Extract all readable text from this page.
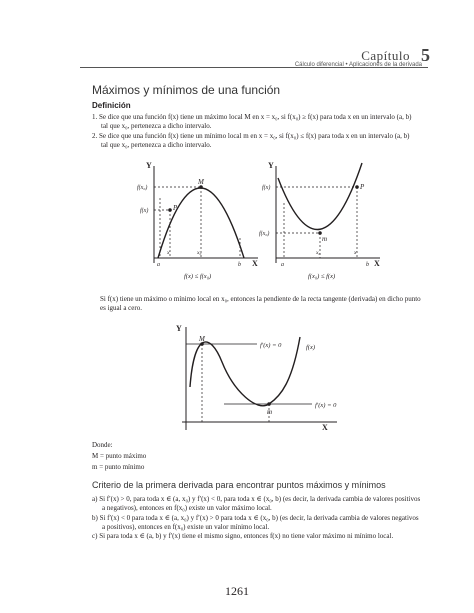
Capítulo 5
Cálculo diferencial • Aplicaciones de la derivada
Máximos y mínimos de una función
Definición
1. Se dice que una función f(x) tiene un máximo local M en x = x₀, si f(x₀) ≥ f(x) para toda x en un intervalo (a, b)
tal que x₀, pertenezca a dicho intervalo.
2. Se dice que una función f(x) tiene un mínimo local m en x = x₀, si f(x₀) ≤ f(x) para toda x en un intervalo (a, b)
tal que x₀, pertenezca a dicho intervalo.
Y
X
M
P
f(x₀)
f(x)
a	b
x₀
x
f(x) ≤ f(x₀)
Y
X
m
P
f(x)
f(x₀)
a	b
x₀	x
f(x₀) ≤ f(x)
Si f(x) tiene un máximo o mínimo local en x₀, entonces la pendiente de la recta tangente (derivada) en dicho punto
es igual a cero.
Y
X
M
m
f′(x) = 0
f′(x) = 0
f(x)
Donde:
M = punto máximo
m = punto mínimo
Criterio de la primera derivada para encontrar puntos máximos y mínimos
a) Si f′(x) > 0, para toda x ∈ (a, x₀) y f′(x) < 0, para toda x ∈ (x₀, b) (es decir, la derivada cambia de valores positivos
a negativos), entonces en f(x₀) existe un valor máximo local.
b) Si f′(x) < 0 para toda x ∈ (a, x₀) y f′(x) > 0 para toda x ∈ (x₀, b) (es decir, la derivada cambia de valores negativos
a positivos), entonces en f(x₀) existe un valor mínimo local.
c) Si para toda x ∈ (a, b) y f′(x) tiene el mismo signo, entonces f(x) no tiene valor máximo ni mínimo local.
1261
